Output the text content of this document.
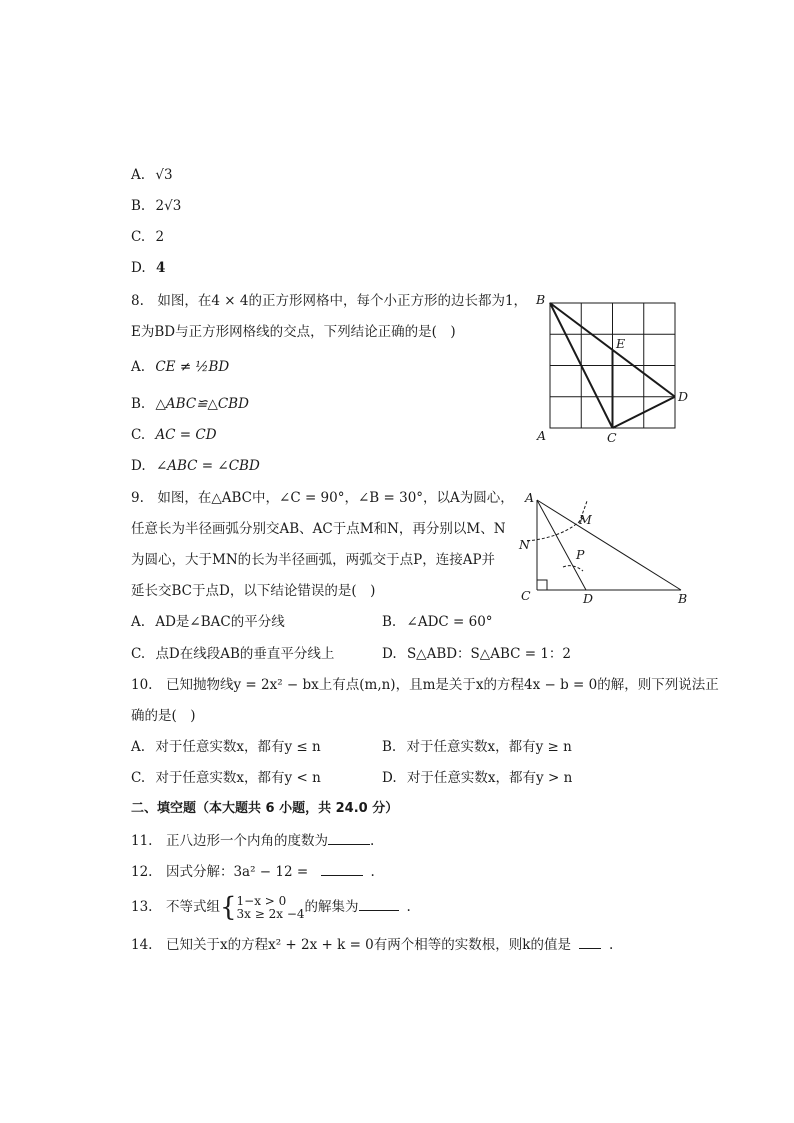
A. √3
B. 2√3
C. 2
D. 4
8.　如图，在4 × 4的正方形网格中，每个小正方形的边长都为1，
E为BD与正方形网格线的交点，下列结论正确的是(　)
A. CE ≠ ½BD
B. △ABC≌△CBD
C. AC = CD
D. ∠ABC = ∠CBD
B
E
D
A	C
9.　如图，在△ABC中，∠C = 90°，∠B = 30°，以A为圆心，
任意长为半径画弧分别交AB、AC于点M和N，再分别以M、N
为圆心，大于MN的长为半径画弧，两弧交于点P，连接AP并
延长交BC于点D，以下结论错误的是(　)
A. AD是∠BAC的平分线	B. ∠ADC = 60°
C. 点D在线段AB的垂直平分线上	D. S△ABD：S△ABC = 1：2
A
M
N
P
C	D	B
10.　已知抛物线y = 2x² − bx上有点(m,n)，且m是关于x的方程4x − b = 0的解，则下列说法正
确的是(　)
A. 对于任意实数x，都有y ≤ n	B. 对于任意实数x，都有y ≥ n
C. 对于任意实数x，都有y < n	D. 对于任意实数x，都有y > n
二、填空题（本大题共 6 小题，共 24.0 分）
11.　正八边形一个内角的度数为	.
12.　因式分解：3a² − 12 =	.
13.　不等式组{ 1−x > 0
3x ≥ 2x −4 的解集为	.
14.　已知关于x的方程x² + 2x + k = 0有两个相等的实数根，则k的值是	.
